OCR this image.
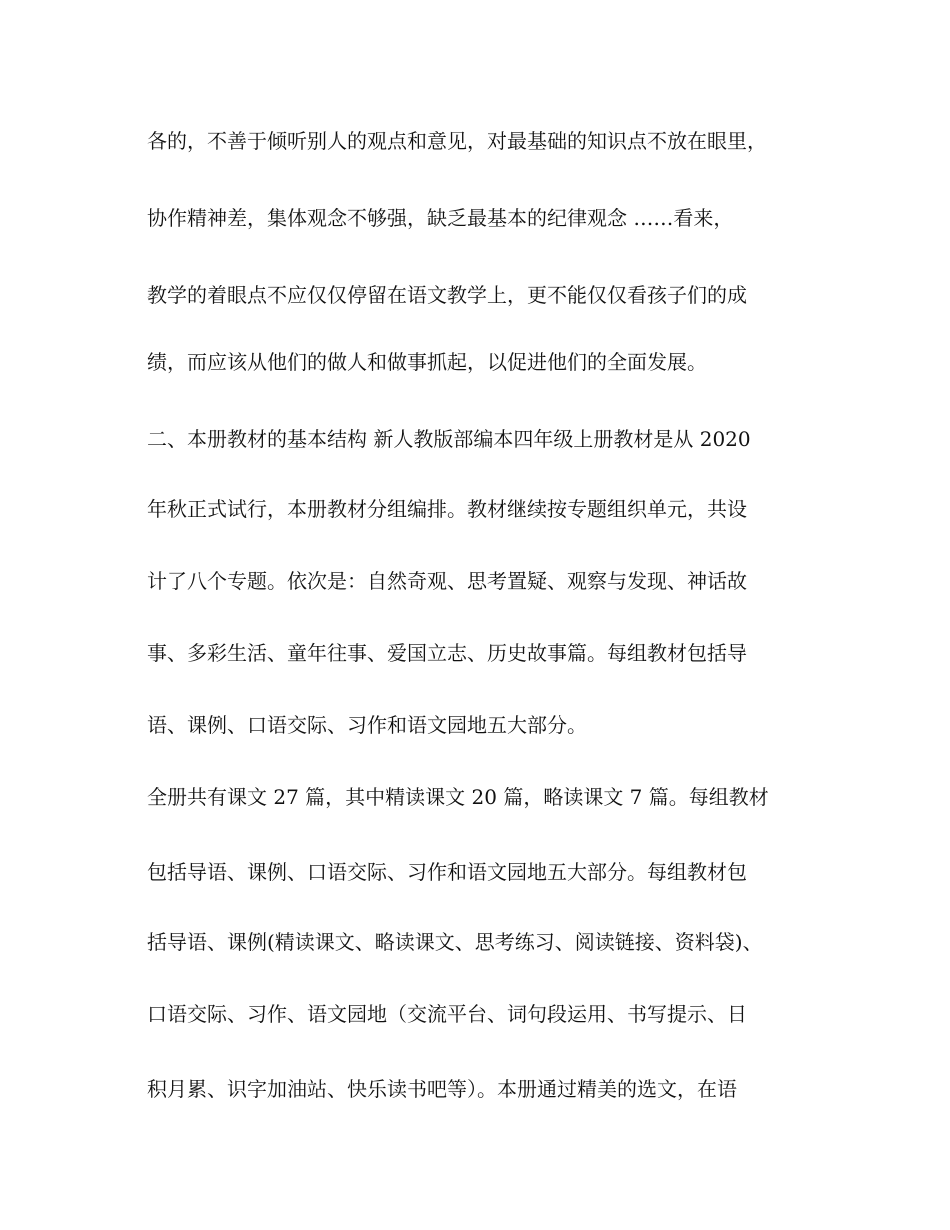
各的，不善于倾听别人的观点和意见，对最基础的知识点不放在眼里，

协作精神差，集体观念不够强，缺乏最基本的纪律观念 ……看来，

教学的着眼点不应仅仅停留在语文教学上，更不能仅仅看孩子们的成

绩，而应该从他们的做人和做事抓起，以促进他们的全面发展。

二、本册教材的基本结构 新人教版部编本四年级上册教材是从 2020

年秋正式试行，本册教材分组编排。教材继续按专题组织单元，共设

计了八个专题。依次是：自然奇观、思考置疑、观察与发现、神话故

事、多彩生活、童年往事、爱国立志、历史故事篇。每组教材包括导

语、课例、口语交际、习作和语文园地五大部分。

全册共有课文 27 篇，其中精读课文 20 篇，略读课文 7 篇。每组教材

包括导语、课例、口语交际、习作和语文园地五大部分。每组教材包

括导语、课例(精读课文、略读课文、思考练习、阅读链接、资料袋)、

口语交际、习作、语文园地（交流平台、词句段运用、书写提示、日

积月累、识字加油站、快乐读书吧等）。本册通过精美的选文，在语
